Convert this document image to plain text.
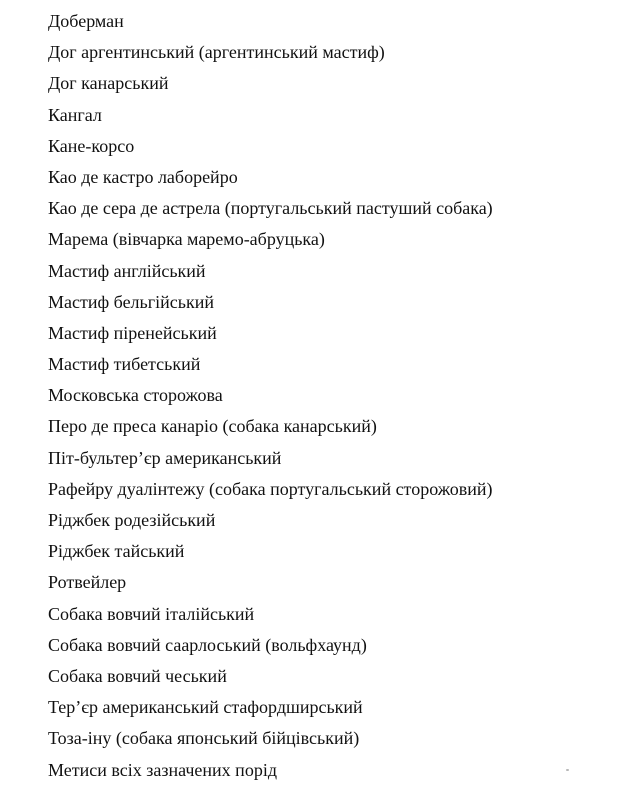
Доберман
Дог аргентинський (аргентинський мастиф)
Дог канарський
Кангал
Кане-корсо
Као де кастро лаборейро
Као де сера де астрела (португальський пастуший собака)
Марема (вівчарка маремо-абруцька)
Мастиф англійський
Мастиф бельгійський
Мастиф піренейський
Мастиф тибетський
Московська сторожова
Перо де преса канаріо (собака канарський)
Піт-бультер’єр американський
Рафейру дуалінтежу (собака португальський сторожовий)
Ріджбек родезійський
Ріджбек тайський
Ротвейлер
Собака вовчий італійський
Собака вовчий саарлоський (вольфхаунд)
Собака вовчий чеський
Тер’єр американський стафордширський
Тоза-іну (собака японський бійцівський)
Метиси всіх зазначених порід
